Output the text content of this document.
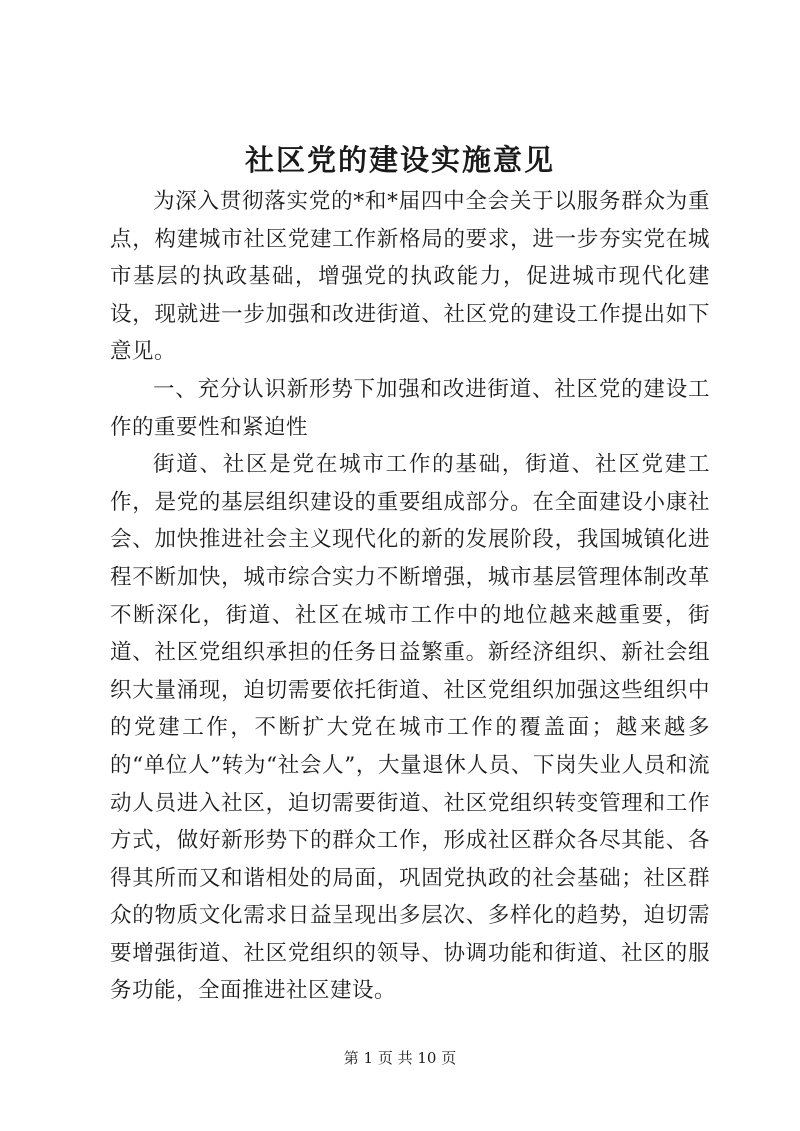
社区党的建设实施意见

为深入贯彻落实党的*和*届四中全会关于以服务群众为重点，构建城市社区党建工作新格局的要求，进一步夯实党在城市基层的执政基础，增强党的执政能力，促进城市现代化建设，现就进一步加强和改进街道、社区党的建设工作提出如下意见。

一、充分认识新形势下加强和改进街道、社区党的建设工作的重要性和紧迫性

街道、社区是党在城市工作的基础，街道、社区党建工作，是党的基层组织建设的重要组成部分。在全面建设小康社会、加快推进社会主义现代化的新的发展阶段，我国城镇化进程不断加快，城市综合实力不断增强，城市基层管理体制改革不断深化，街道、社区在城市工作中的地位越来越重要，街道、社区党组织承担的任务日益繁重。新经济组织、新社会组织大量涌现，迫切需要依托街道、社区党组织加强这些组织中的党建工作，不断扩大党在城市工作的覆盖面；越来越多的“单位人”转为“社会人”，大量退休人员、下岗失业人员和流动人员进入社区，迫切需要街道、社区党组织转变管理和工作方式，做好新形势下的群众工作，形成社区群众各尽其能、各得其所而又和谐相处的局面，巩固党执政的社会基础；社区群众的物质文化需求日益呈现出多层次、多样化的趋势，迫切需要增强街道、社区党组织的领导、协调功能和街道、社区的服务功能，全面推进社区建设。

第 1 页 共 10 页
